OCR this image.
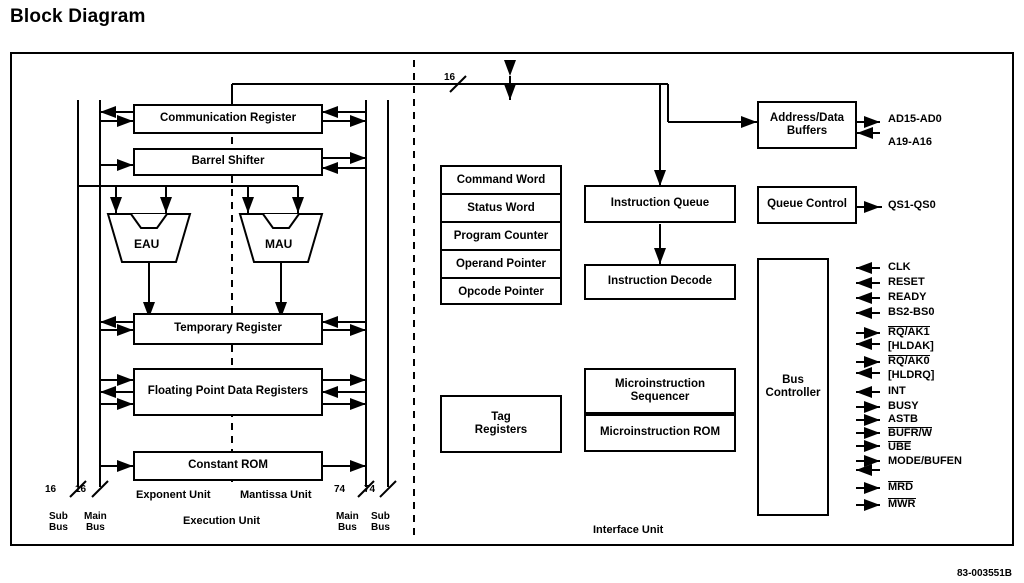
Block Diagram

Communication Register
Barrel Shifter
EAU	MAU
Temporary Register
Floating Point Data Registers
Constant ROM
16 16	74 74
Sub
Bus
Main
Bus
Main
Bus
Sub
Bus
Exponent Unit	Mantissa Unit
Execution Unit
16
Command Word
Status Word
Program Counter
Operand Pointer
Opcode Pointer
Tag
Registers
Instruction Queue
Instruction Decode
Microinstruction
Sequencer
Microinstruction ROM
Address/Data
Buffers
Queue Control
Bus
Controller
Interface Unit
AD15-AD0
A19-A16
QS1-QS0
CLK
RESET
READY
BS2-BS0
RQ/AK1
[HLDAK]
RQ/AK0
[HLDRQ]
INT
BUSY
ASTB
BUFR/W
UBE
MODE/BUFEN
MRD
MWR
83-003551B
